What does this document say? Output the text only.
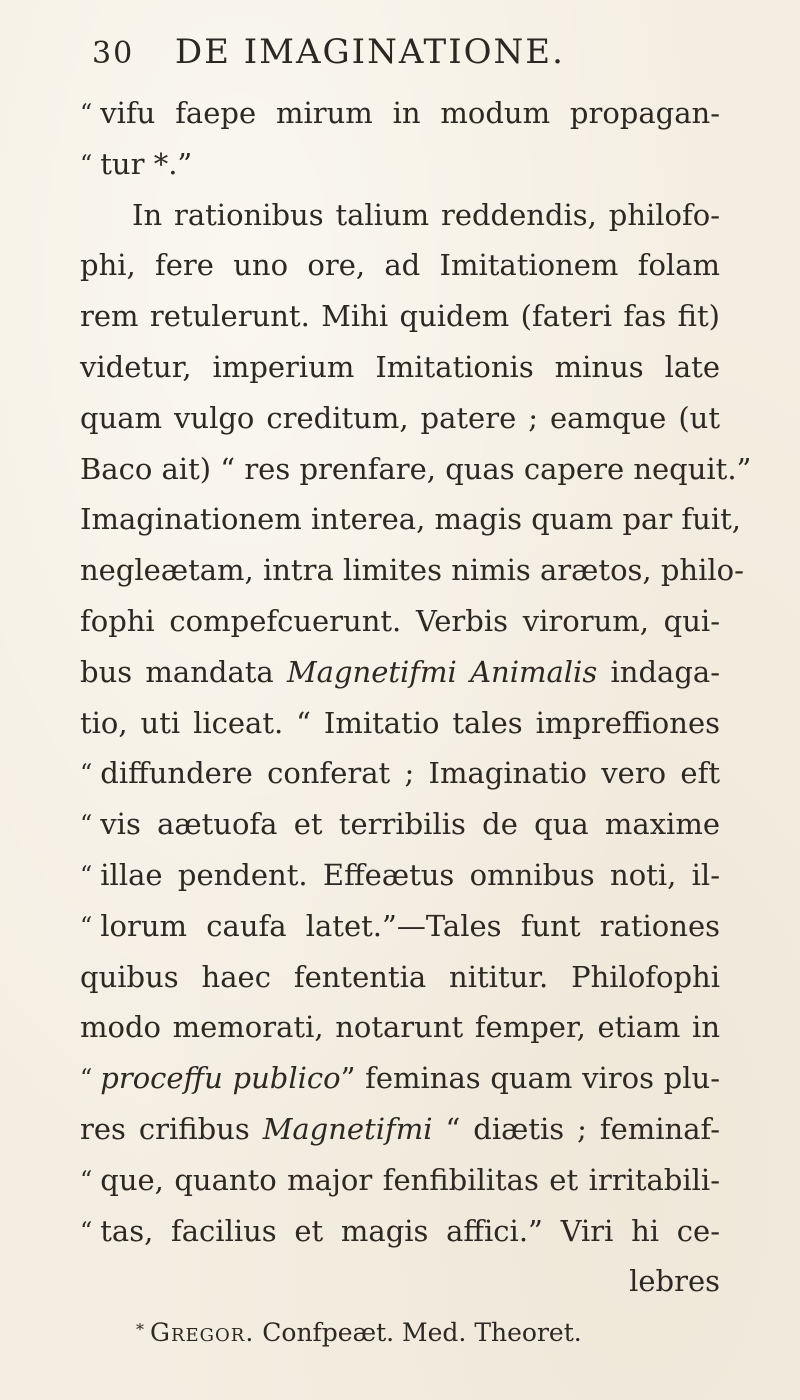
30 DE IMAGINATIONE.
“ vifu faepe mirum in modum propagan-
“ tur *.”
In rationibus talium reddendis, philofo-
phi, fere uno ore, ad Imitationem folam
rem retulerunt. Mihi quidem (fateri fas fit)
videtur, imperium Imitationis minus late
quam vulgo creditum, patere ; eamque (ut
Baco ait) “ res prenfare, quas capere nequit.”
Imaginationem interea, magis quam par fuit,
negleætam, intra limites nimis arætos, philo-
fophi compefcuerunt. Verbis virorum, qui-
bus mandata Magnetifmi Animalis indaga-
tio, uti liceat. “ Imitatio tales impreffiones
“ diffundere conferat ; Imaginatio vero eft
“ vis aætuofa et terribilis de qua maxime
“ illae pendent. Effeætus omnibus noti, il-
“ lorum caufa latet.”—Tales funt rationes
quibus haec fententia nititur. Philofophi
modo memorati, notarunt femper, etiam in
“ proceffu publico” feminas quam viros plu-
res crifibus Magnetifmi “ diætis ; feminaf-
“ que, quanto major fenfibilitas et irritabili-
“ tas, facilius et magis affici.” Viri hi ce-
lebres
* Gregor. Confpeæt. Med. Theoret.
